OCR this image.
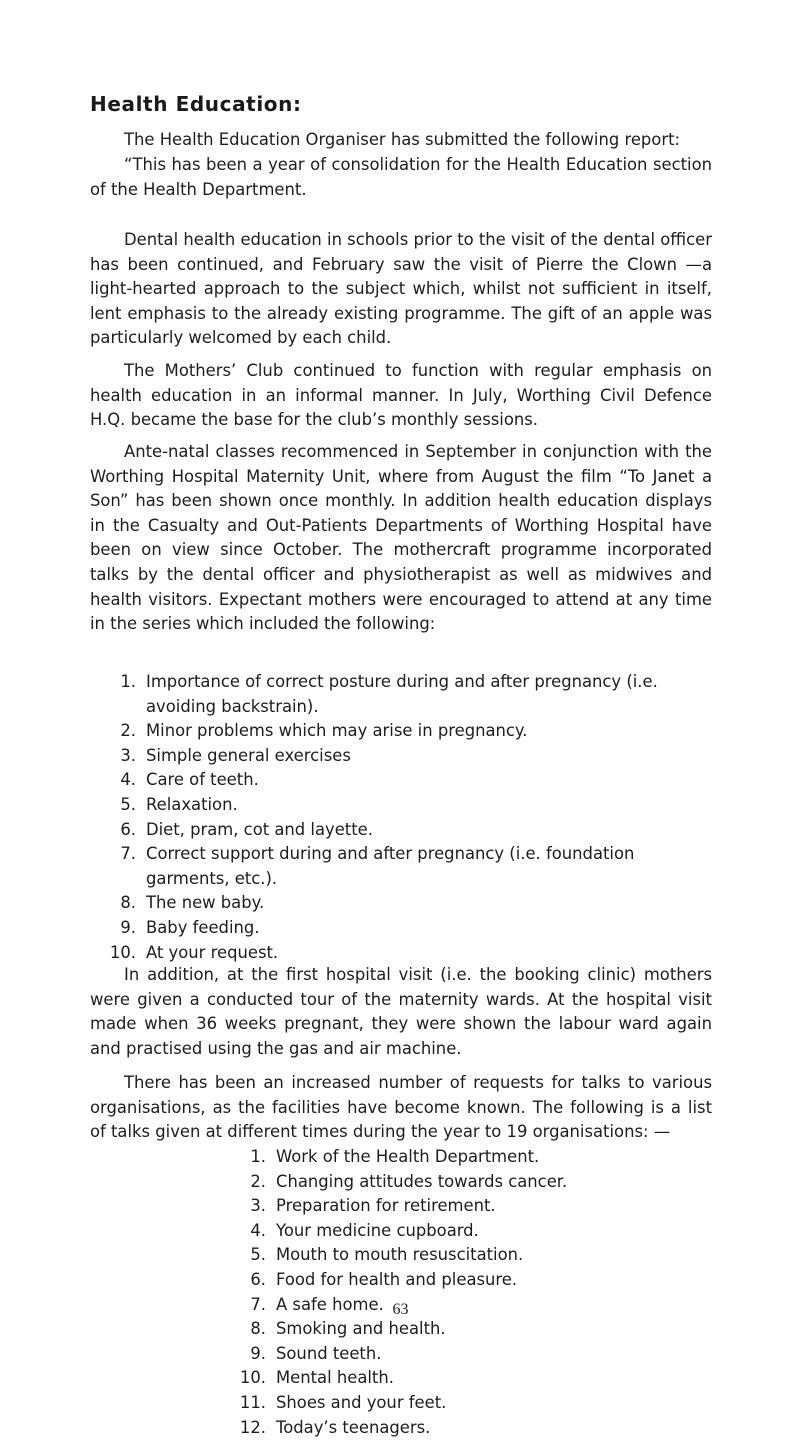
Health Education:

The Health Education Organiser has submitted the following report:

“This has been a year of consolidation for the Health Education section of the Health Department.

Dental health education in schools prior to the visit of the dental officer has been continued, and February saw the visit of Pierre the Clown —a light-hearted approach to the subject which, whilst not sufficient in itself, lent emphasis to the already existing programme. The gift of an apple was particularly welcomed by each child.

The Mothers’ Club continued to function with regular emphasis on health education in an informal manner. In July, Worthing Civil Defence H.Q. became the base for the club’s monthly sessions.

Ante-natal classes recommenced in September in conjunction with the Worthing Hospital Maternity Unit, where from August the film “To Janet a Son” has been shown once monthly. In addition health education displays in the Casualty and Out-Patients Departments of Worthing Hospital have been on view since October. The mothercraft programme incorporated talks by the dental officer and physiotherapist as well as midwives and health visitors. Expectant mothers were encouraged to attend at any time in the series which included the following:

1. Importance of correct posture during and after pregnancy (i.e. avoiding backstrain).
2. Minor problems which may arise in pregnancy.
3. Simple general exercises
4. Care of teeth.
5. Relaxation.
6. Diet, pram, cot and layette.
7. Correct support during and after pregnancy (i.e. foundation garments, etc.).
8. The new baby.
9. Baby feeding.
10. At your request.

In addition, at the first hospital visit (i.e. the booking clinic) mothers were given a conducted tour of the maternity wards. At the hospital visit made when 36 weeks pregnant, they were shown the labour ward again and practised using the gas and air machine.

There has been an increased number of requests for talks to various organisations, as the facilities have become known. The following is a list of talks given at different times during the year to 19 organisations: —

1. Work of the Health Department.
2. Changing attitudes towards cancer.
3. Preparation for retirement.
4. Your medicine cupboard.
5. Mouth to mouth resuscitation.
6. Food for health and pleasure.
7. A safe home.
8. Smoking and health.
9. Sound teeth.
10. Mental health.
11. Shoes and your feet.
12. Today’s teenagers.
63
